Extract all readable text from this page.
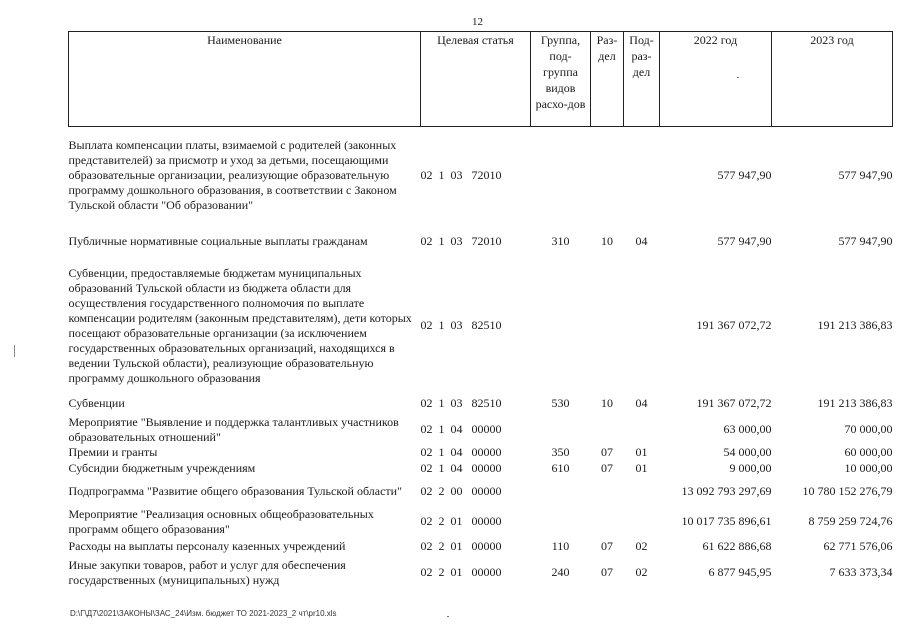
12
Наименование	Целевая статья	Группа, под-группа видов расхо-дов	Раз-дел	Под-раз-дел	2022 год	2023 год
Выплата компенсации платы, взимаемой с родителей (законных представителей) за присмотр и уход за детьми, посещающими образовательные организации, реализующие образовательную программу дошкольного образования, в соответствии с Законом Тульской области "Об образовании"	02  1  03   72010				577 947,90	577 947,90
Публичные нормативные социальные выплаты гражданам	02  1  03   72010	310	10	04	577 947,90	577 947,90
Субвенции, предоставляемые бюджетам муниципальных образований Тульской области из бюджета области для осуществления государственного полномочия по выплате компенсации родителям (законным представителям), дети которых посещают образовательные организации (за исключением государственных образовательных организаций, находящихся в ведении Тульской области), реализующие образовательную программу дошкольного образования	02  1  03   82510				191 367 072,72	191 213 386,83
Субвенции	02  1  03   82510	530	10	04	191 367 072,72	191 213 386,83
Мероприятие "Выявление и поддержка талантливых участников образовательных отношений"	02  1  04   00000				63 000,00	70 000,00
Премии и гранты	02  1  04   00000	350	07	01	54 000,00	60 000,00
Субсидии бюджетным учреждениям	02  1  04   00000	610	07	01	9 000,00	10 000,00
Подпрограмма "Развитие общего образования Тульской области"	02  2  00   00000				13 092 793 297,69	10 780 152 276,79
Мероприятие "Реализация основных общеобразовательных программ общего образования"	02  2  01   00000				10 017 735 896,61	8 759 259 724,76
Расходы на выплаты персоналу казенных учреждений	02  2  01   00000	110	07	02	61 622 886,68	62 771 576,06
Иные закупки товаров, работ и услуг для обеспечения государственных (муниципальных) нужд	02  2  01   00000	240	07	02	6 877 945,95	7 633 373,34
D:\Г\Д7\2021\ЗАКОНЫ\ЗАС_24\Изм. бюджет ТО 2021-2023_2 чт\pr10.xls
